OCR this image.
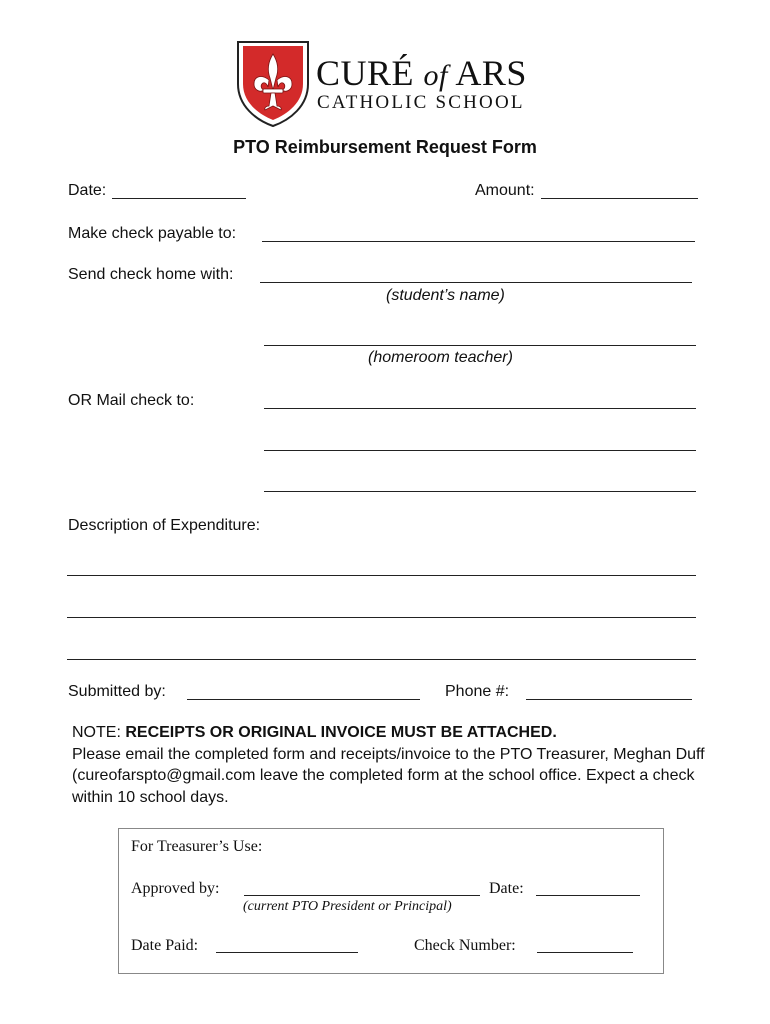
CURÉ of ARS
CATHOLIC SCHOOL
PTO Reimbursement Request Form
Date:	Amount:
Make check payable to:
Send check home with:
(student’s name)
(homeroom teacher)
OR Mail check to:
Description of Expenditure:
Submitted by:	Phone #:
NOTE: RECEIPTS OR ORIGINAL INVOICE MUST BE ATTACHED.
Please email the completed form and receipts/invoice to the PTO Treasurer, Meghan Duff (cureofarspto@gmail.com leave the completed form at the school office. Expect a check within 10 school days.
For Treasurer’s Use:
Approved by:	Date:
(current PTO President or Principal)
Date Paid:	Check Number:
